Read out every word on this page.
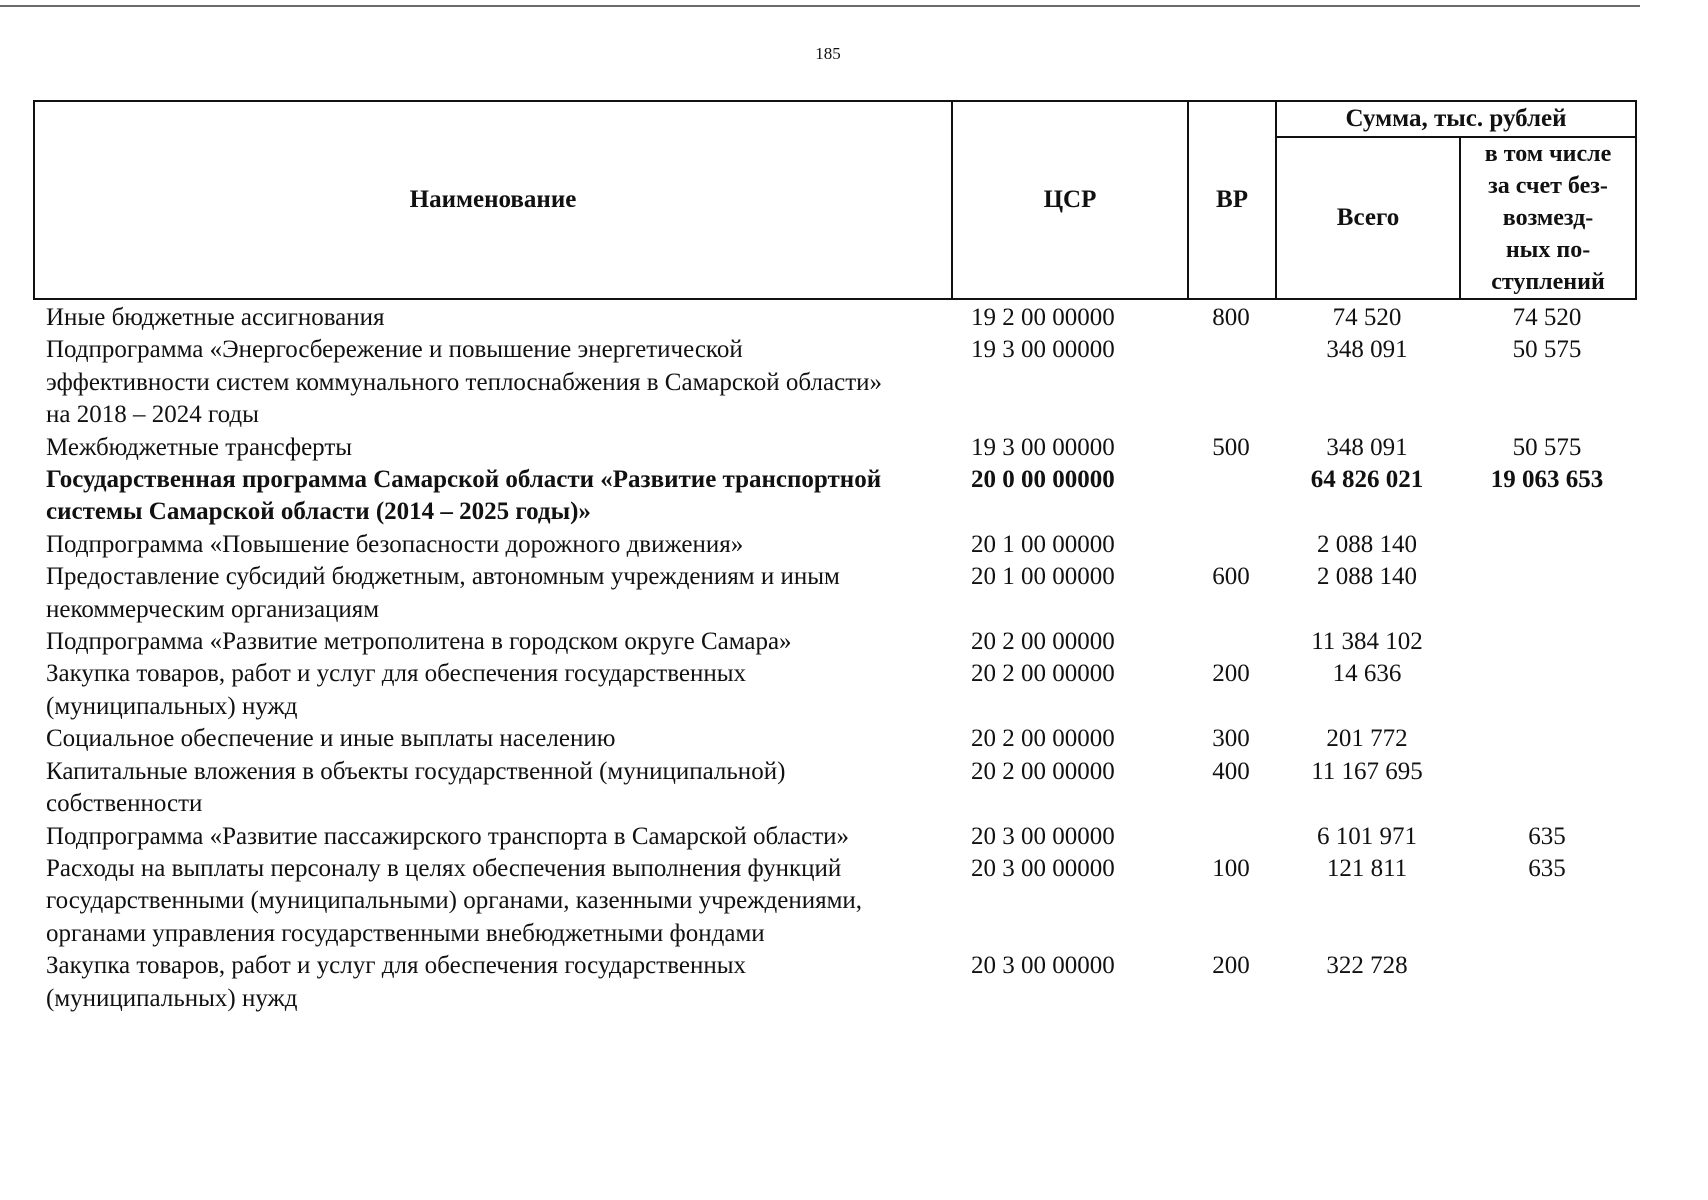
185
Наименование	ЦСР	ВР	Сумма, тыс. рублей	
			Всего	в том числе
за счет без-
возмезд-
ных по-
ступлений
Иные бюджетные ассигнования	19 2 00 00000	800	74 520	74 520
Подпрограмма «Энергосбережение и повышение энергетической эффективности систем коммунального теплоснабжения в Самарской области» на 2018 – 2024 годы	19 3 00 00000		348 091	50 575
Межбюджетные трансферты	19 3 00 00000	500	348 091	50 575
Государственная программа Самарской области «Развитие транспортной системы Самарской области (2014 – 2025 годы)»	20 0 00 00000		64 826 021	19 063 653
Подпрограмма «Повышение безопасности дорожного движения»	20 1 00 00000		2 088 140	
Предоставление субсидий бюджетным, автономным учреждениям и иным некоммерческим организациям	20 1 00 00000	600	2 088 140	
Подпрограмма «Развитие метрополитена в городском округе Самара»	20 2 00 00000		11 384 102	
Закупка товаров, работ и услуг для обеспечения государственных (муниципальных) нужд	20 2 00 00000	200	14 636	
Социальное обеспечение и иные выплаты населению	20 2 00 00000	300	201 772	
Капитальные вложения в объекты государственной (муниципальной) собственности	20 2 00 00000	400	11 167 695	
Подпрограмма «Развитие пассажирского транспорта в Самарской области»	20 3 00 00000		6 101 971	635
Расходы на выплаты персоналу в целях обеспечения выполнения функций государственными (муниципальными) органами, казенными учреждениями, органами управления государственными внебюджетными фондами	20 3 00 00000	100	121 811	635
Закупка товаров, работ и услуг для обеспечения государственных (муниципальных) нужд	20 3 00 00000	200	322 728	
